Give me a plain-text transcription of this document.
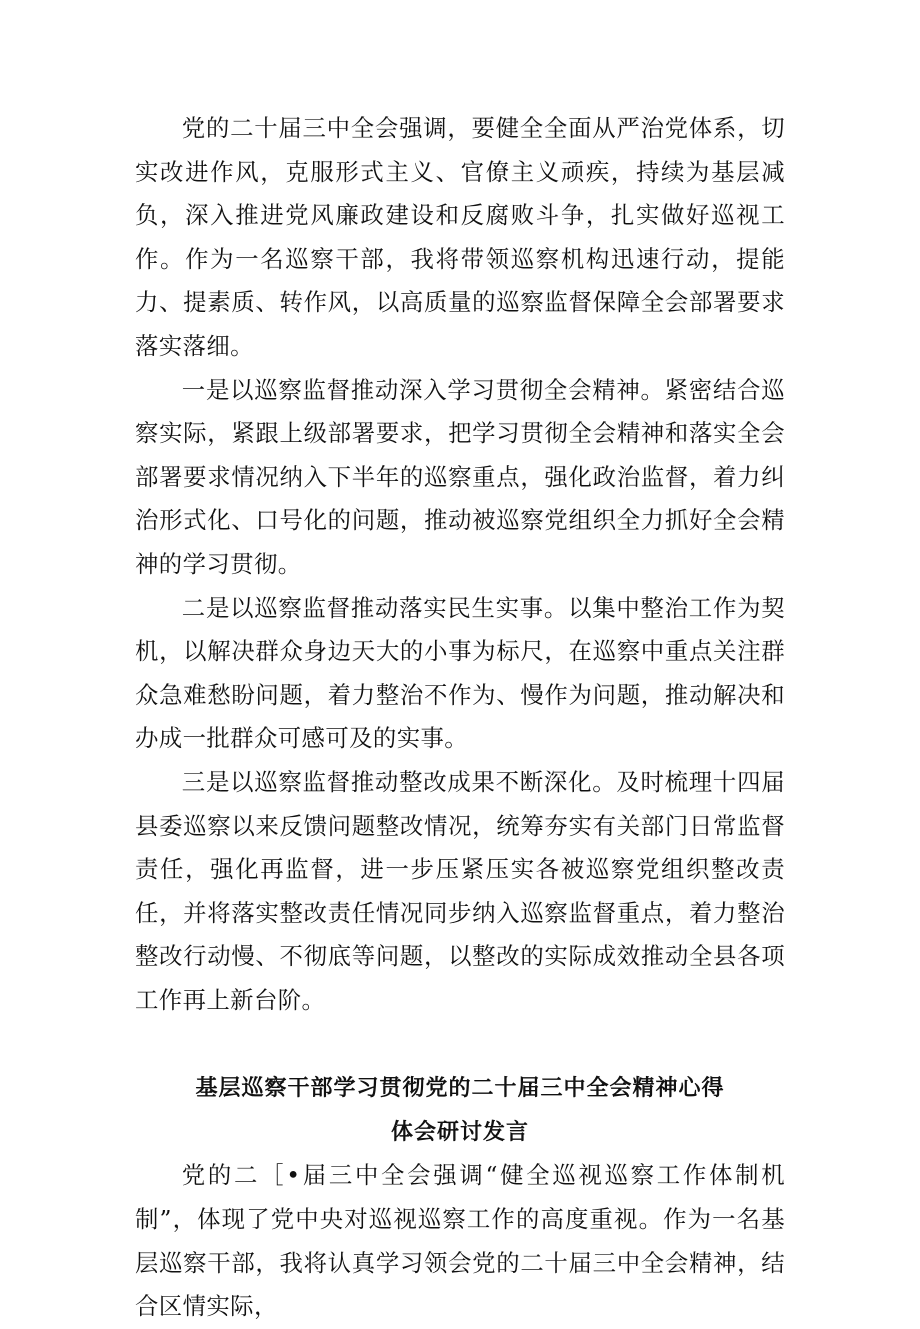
党的二十届三中全会强调，要健全全面从严治党体系，切实改进作风，克服形式主义、官僚主义顽疾，持续为基层减负，深入推进党风廉政建设和反腐败斗争，扎实做好巡视工作。作为一名巡察干部，我将带领巡察机构迅速行动，提能力、提素质、转作风，以高质量的巡察监督保障全会部署要求落实落细。

一是以巡察监督推动深入学习贯彻全会精神。紧密结合巡察实际，紧跟上级部署要求，把学习贯彻全会精神和落实全会部署要求情况纳入下半年的巡察重点，强化政治监督，着力纠治形式化、口号化的问题，推动被巡察党组织全力抓好全会精神的学习贯彻。

二是以巡察监督推动落实民生实事。以集中整治工作为契机，以解决群众身边天大的小事为标尺，在巡察中重点关注群众急难愁盼问题，着力整治不作为、慢作为问题，推动解决和办成一批群众可感可及的实事。

三是以巡察监督推动整改成果不断深化。及时梳理十四届县委巡察以来反馈问题整改情况，统筹夯实有关部门日常监督责任，强化再监督，进一步压紧压实各被巡察党组织整改责任，并将落实整改责任情况同步纳入巡察监督重点，着力整治整改行动慢、不彻底等问题，以整改的实际成效推动全县各项工作再上新台阶。

基层巡察干部学习贯彻党的二十届三中全会精神心得

体会研讨发言

党的二［•届三中全会强调“健全巡视巡察工作体制机制”，体现了党中央对巡视巡察工作的高度重视。作为一名基层巡察干部，我将认真学习领会党的二十届三中全会精神，结合区情实际，
